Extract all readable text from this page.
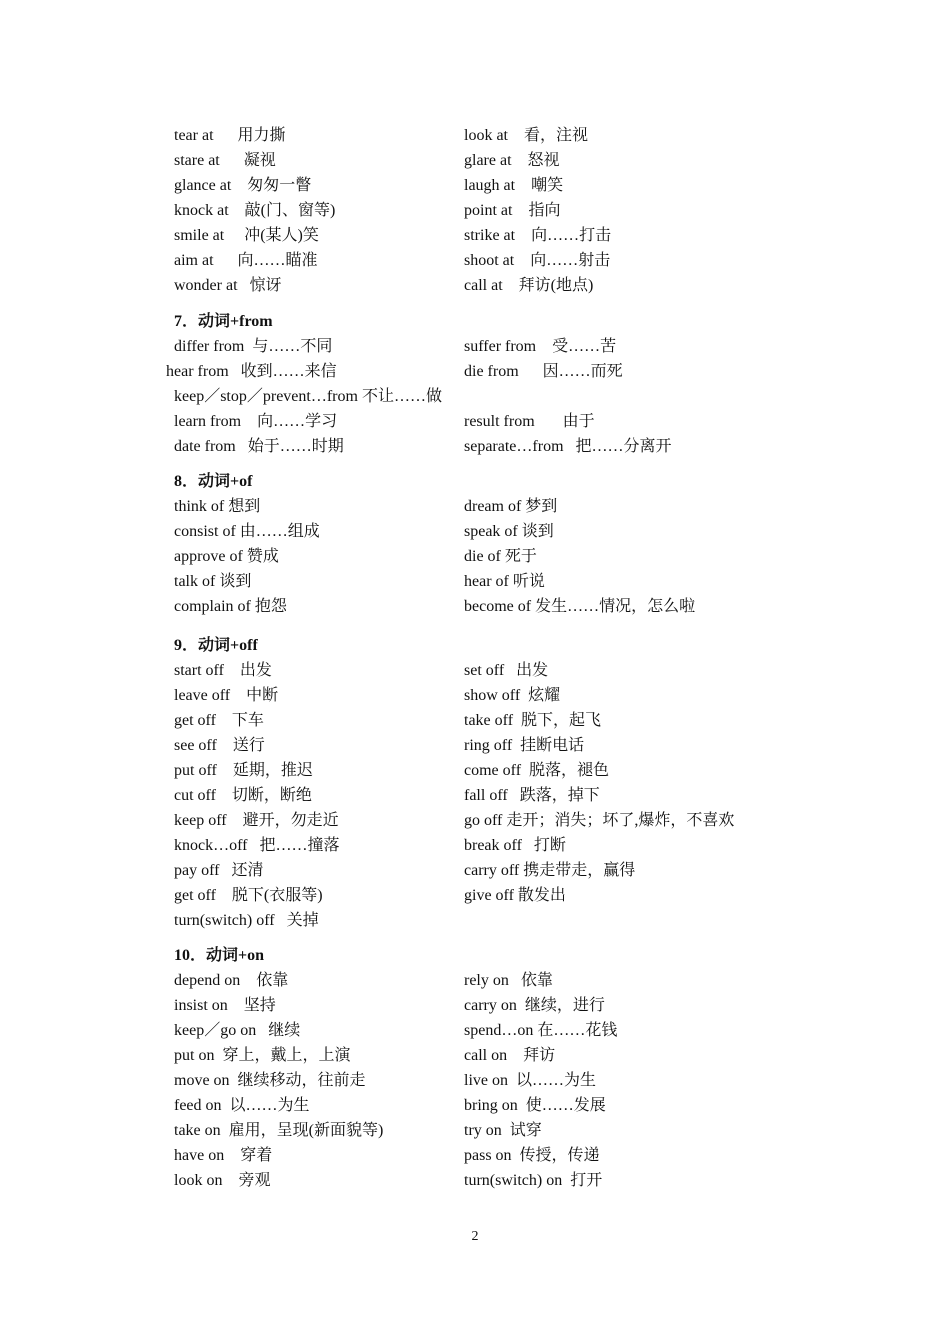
tear at      用力撕	look at    看，注视
stare at      凝视	glare at    怒视
glance at    匆匆一瞥	laugh at    嘲笑
knock at    敲(门、窗等)	point at    指向
smile at     冲(某人)笑	strike at    向……打击
aim at      向……瞄准	shoot at    向……射击
wonder at   惊讶	call at    拜访(地点)
7．动词+from
differ from  与……不同	suffer from    受……苦
hear from   收到……来信	die from      因……而死
keep／stop／prevent…from 不让……做
learn from    向……学习	result from       由于
date from   始于……时期	separate…from   把……分离开
8．动词+of
think of 想到	dream of 梦到
consist of 由……组成	speak of 谈到
approve of 赞成	die of 死于
talk of 谈到	hear of 听说
complain of 抱怨	become of 发生……情况，怎么啦
9．动词+off
start off    出发	set off   出发
leave off    中断	show off  炫耀
get off    下车	take off  脱下，起飞
see off    送行	ring off  挂断电话
put off    延期，推迟	come off  脱落，褪色
cut off    切断，断绝	fall off   跌落，掉下
keep off    避开，勿走近	go off 走开；消失；坏了,爆炸，不喜欢
knock…off   把……撞落	break off   打断
pay off   还清	carry off 携走带走，赢得
get off    脱下(衣服等)	give off 散发出
turn(switch) off   关掉
10．动词+on
depend on    依靠	rely on   依靠
insist on    坚持	carry on  继续，进行
keep／go on   继续	spend…on 在……花钱
put on  穿上，戴上，上演	call on    拜访
move on  继续移动，往前走	live on  以……为生
feed on  以……为生	bring on  使……发展
take on  雇用，呈现(新面貌等)	try on  试穿
have on    穿着	pass on  传授，传递
look on    旁观	turn(switch) on  打开
2
